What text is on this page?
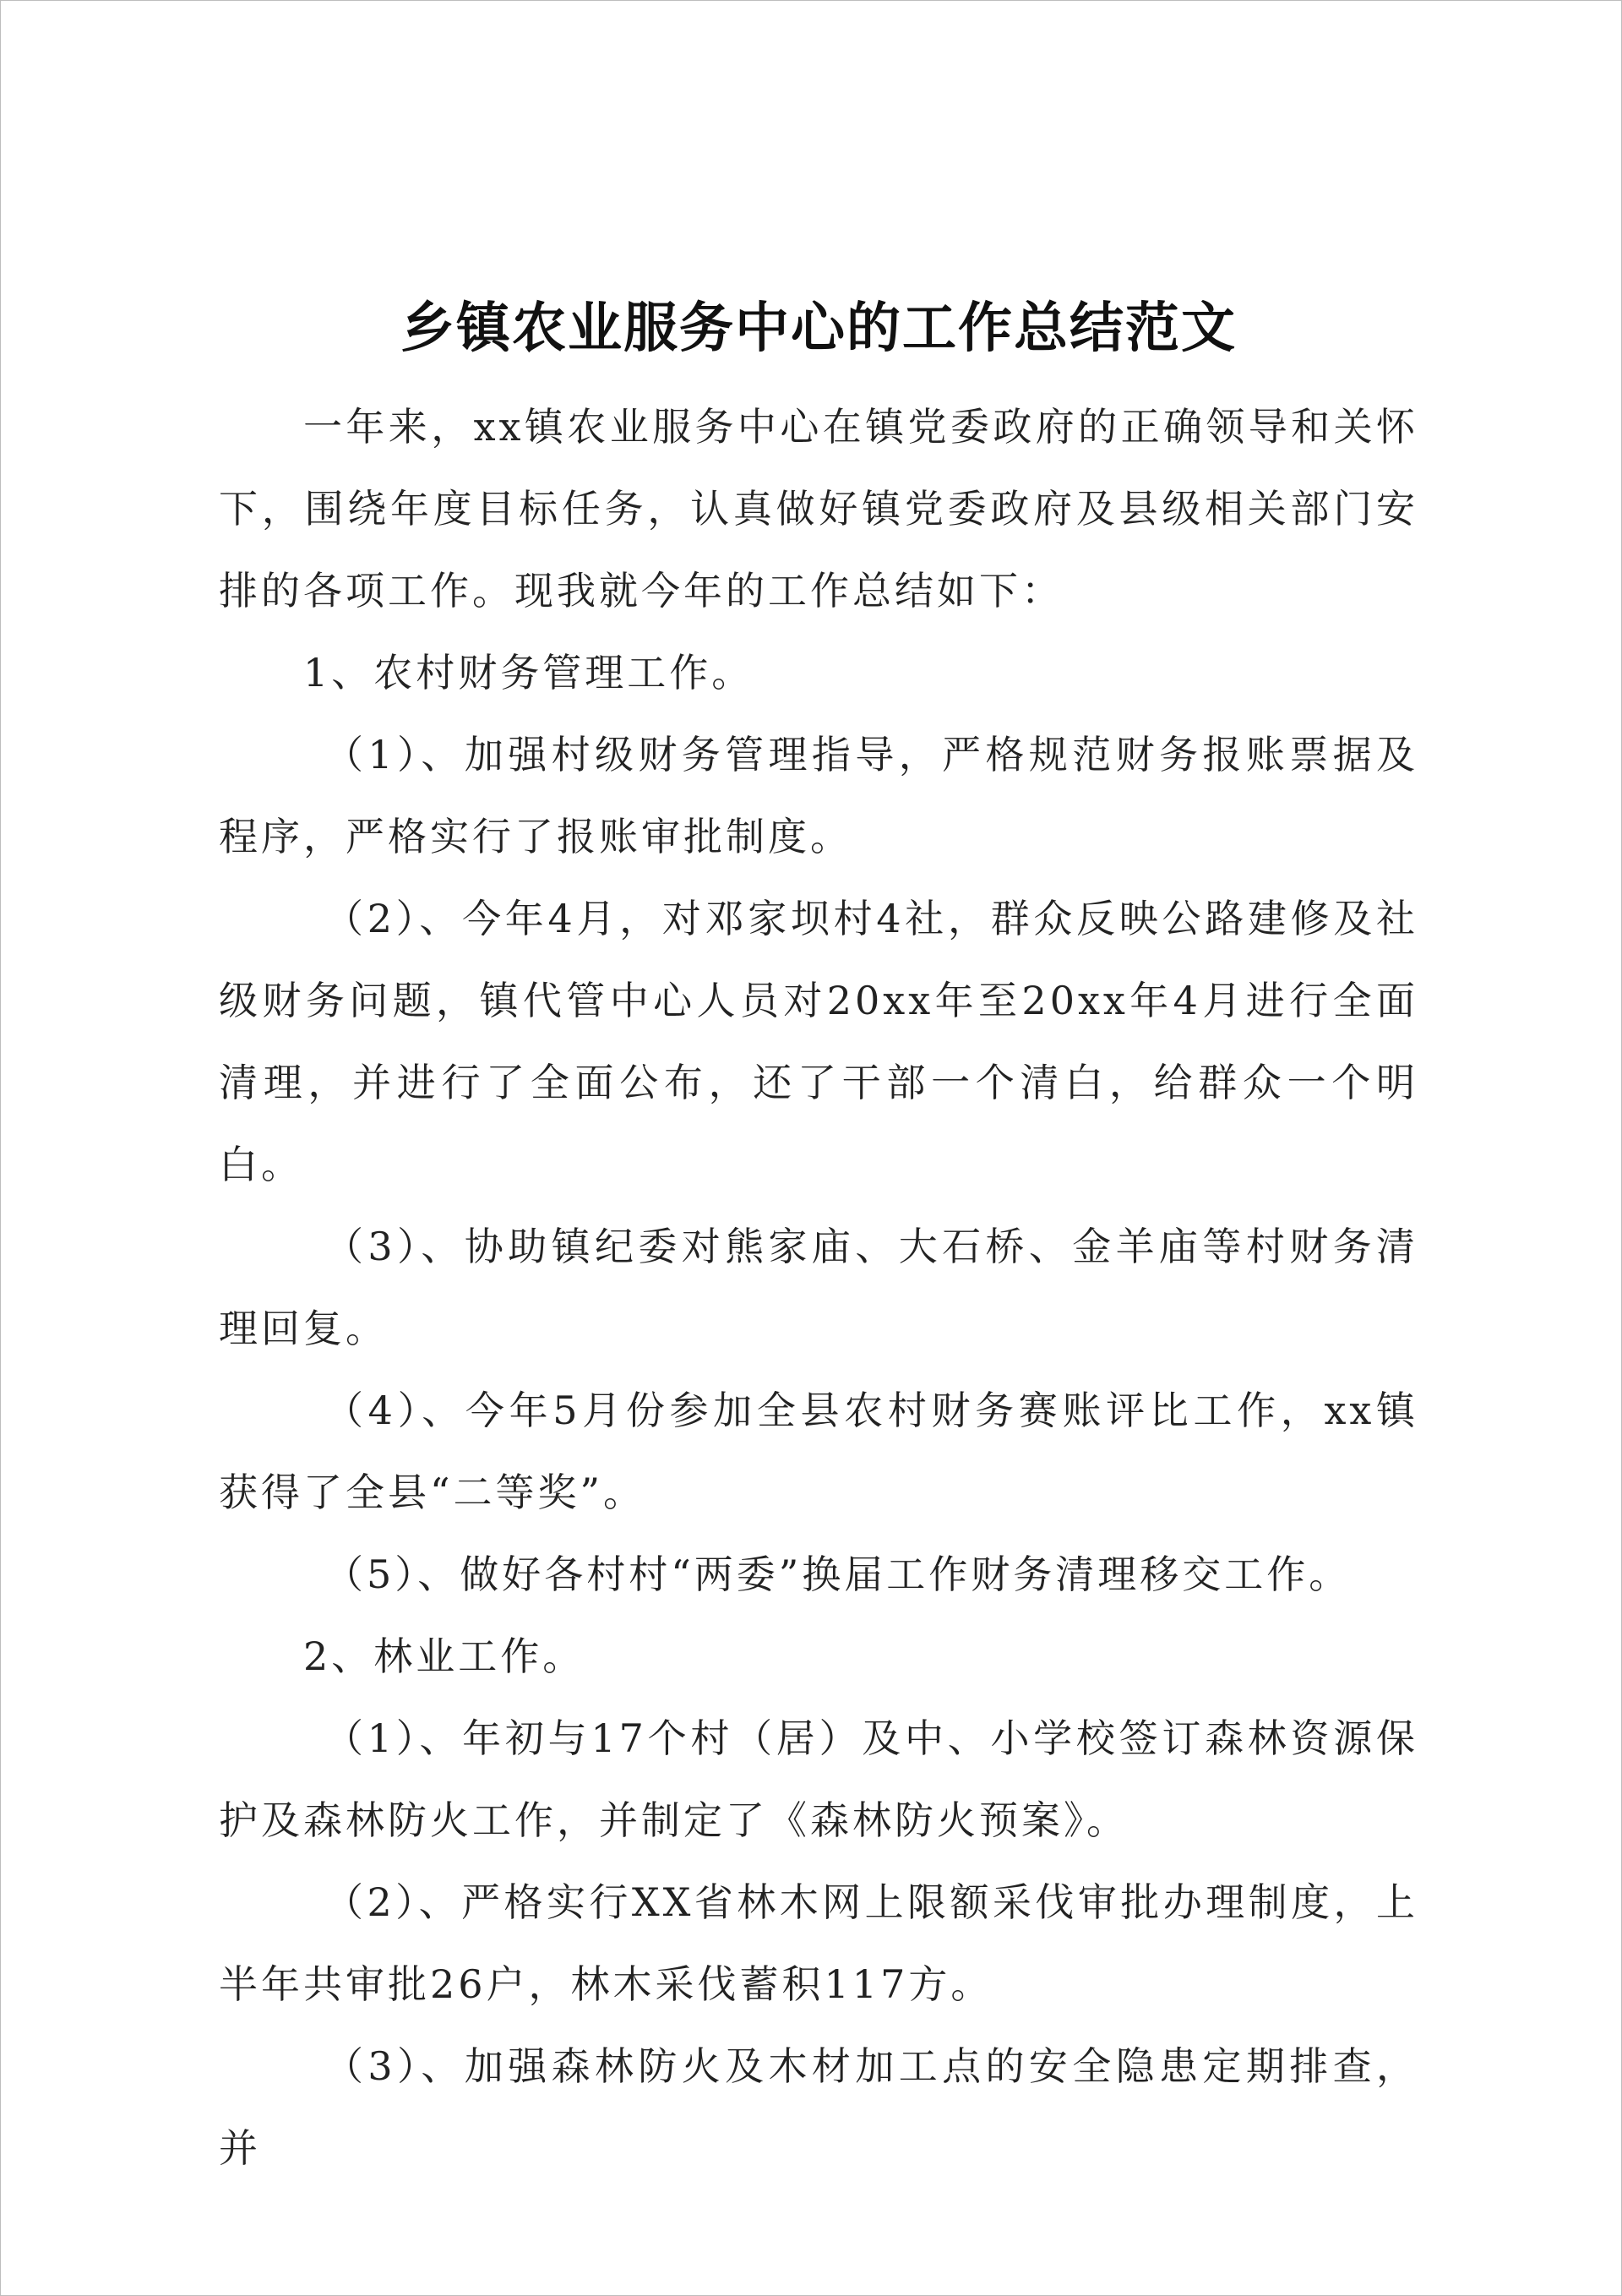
乡镇农业服务中心的工作总结范文

一年来，xx镇农业服务中心在镇党委政府的正确领导和关怀下，围绕年度目标任务，认真做好镇党委政府及县级相关部门安排的各项工作。现我就今年的工作总结如下：

1、农村财务管理工作。

（1）、加强村级财务管理指导，严格规范财务报账票据及程序，严格实行了报账审批制度。

（2）、今年4月，对邓家坝村4社，群众反映公路建修及社级财务问题，镇代管中心人员对20xx年至20xx年4月进行全面清理，并进行了全面公布，还了干部一个清白，给群众一个明白。

（3）、协助镇纪委对熊家庙、大石桥、金羊庙等村财务清理回复。

（4）、今年5月份参加全县农村财务赛账评比工作，xx镇获得了全县“二等奖”。

（5）、做好各村村“两委”换届工作财务清理移交工作。

2、林业工作。

（1）、年初与17个村（居）及中、小学校签订森林资源保护及森林防火工作，并制定了《森林防火预案》。

（2）、严格实行XX省林木网上限额采伐审批办理制度，上半年共审批26户，林木采伐蓄积117方。

（3）、加强森林防火及木材加工点的安全隐患定期排查，并
